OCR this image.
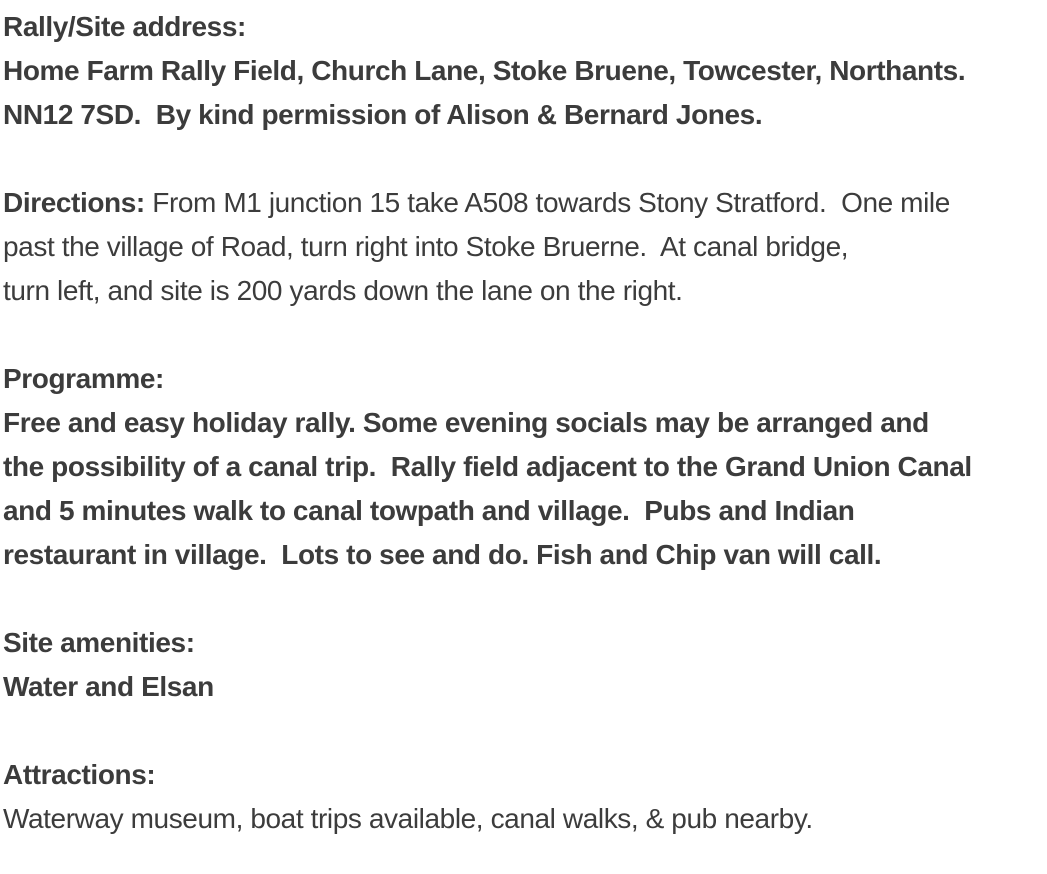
Rally/Site address:
Home Farm Rally Field, Church Lane, Stoke Bruene, Towcester, Northants.
NN12 7SD.  By kind permission of Alison & Bernard Jones.
Directions: From M1 junction 15 take A508 towards Stony Stratford.  One mile
past the village of Road, turn right into Stoke Bruerne.  At canal bridge,
turn left, and site is 200 yards down the lane on the right.
Programme:
Free and easy holiday rally. Some evening socials may be arranged and
the possibility of a canal trip.  Rally field adjacent to the Grand Union Canal
and 5 minutes walk to canal towpath and village.  Pubs and Indian
restaurant in village.  Lots to see and do. Fish and Chip van will call.
Site amenities:
Water and Elsan
Attractions:
Waterway museum, boat trips available, canal walks, & pub nearby.
